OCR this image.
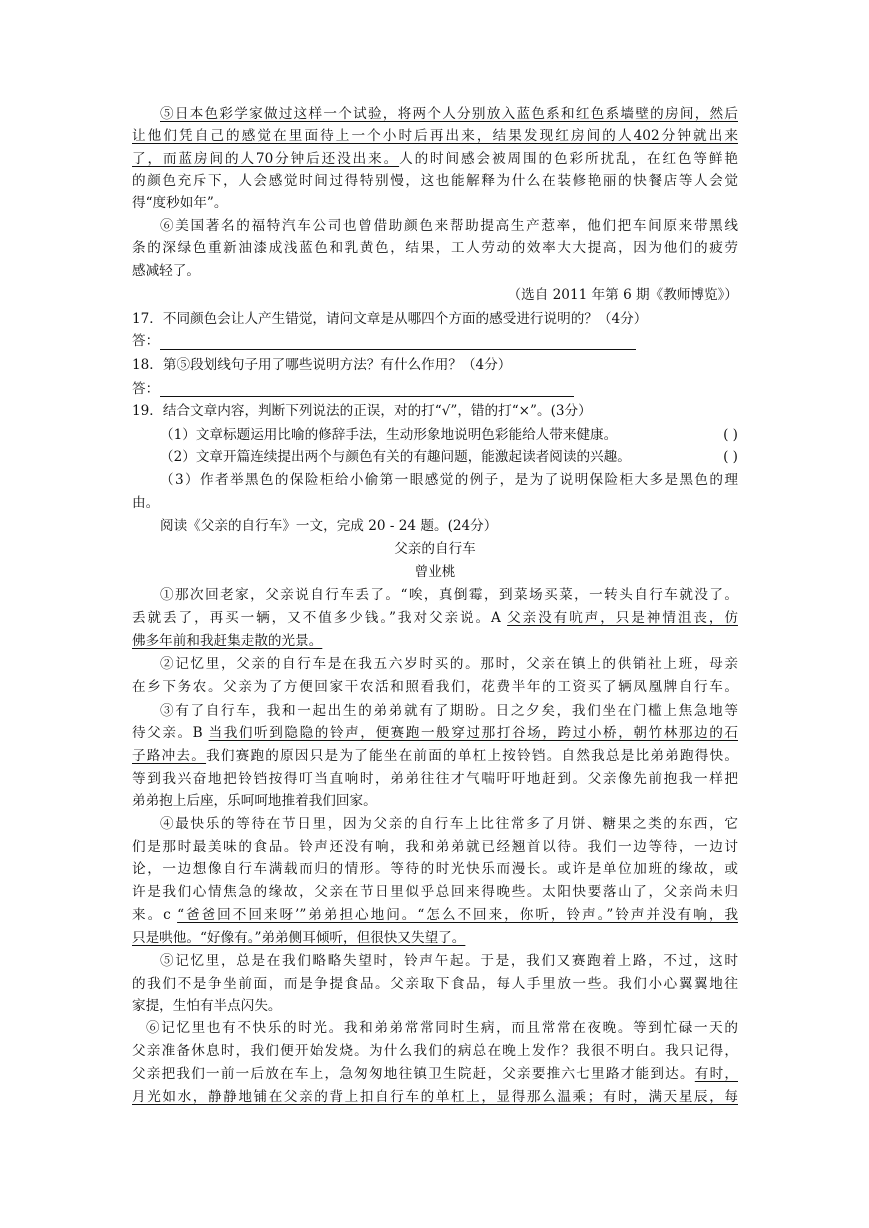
⑤日本色彩学家做过这样一个试验，将两个人分别放入蓝色系和红色系墙壁的房间，然后
让他们凭自己的感觉在里面待上一个小时后再出来，结果发现红房间的人402分钟就出来
了，而蓝房间的人70分钟后还没出来。人的时间感会被周围的色彩所扰乱，在红色等鲜艳
的颜色充斥下，人会感觉时间过得特别慢，这也能解释为什么在装修艳丽的快餐店等人会觉
得“度秒如年”。
⑥美国著名的福特汽车公司也曾借助颜色来帮助提高生产惹率，他们把车间原来带黑线
条的深绿色重新油漆成浅蓝色和乳黄色，结果，工人劳动的效率大大提高，因为他们的疲劳
感减轻了。
（选自 2011 年第 6 期《教师博览》）
17．不同颜色会让人产生错觉，请问文章是从哪四个方面的感受进行说明的？（4分）
答：
18．第⑤段划线句子用了哪些说明方法？有什么作用？（4分）
答：
19．结合文章内容，判断下列说法的正误，对的打“√”，错的打“×”。(3分）
（1）文章标题运用比喻的修辞手法，生动形象地说明色彩能给人带来健康。	( )
（2）文章开篇连续提出两个与颜色有关的有趣问题，能激起读者阅读的兴趣。	( )
（3）作者举黑色的保险柜给小偷第一眼感觉的例子，是为了说明保险柜大多是黑色的理
由。
阅读《父亲的自行车》一文，完成 20 - 24 题。(24分）
父亲的自行车
曾业桃
①那次回老家，父亲说自行车丢了。“唉，真倒霉，到菜场买菜，一转头自行车就没了。
丢就丢了，再买一辆，又不值多少钱。”我对父亲说。A 父亲没有吭声，只是神情沮丧，仿
佛多年前和我赶集走散的光景。
②记忆里，父亲的自行车是在我五六岁时买的。那时，父亲在镇上的供销社上班，母亲
在乡下务农。父亲为了方便回家干农活和照看我们，花费半年的工资买了辆凤凰牌自行车。
③有了自行车，我和一起出生的弟弟就有了期盼。日之夕矣，我们坐在门槛上焦急地等
待父亲。B 当我们听到隐隐的铃声，便赛跑一般穿过那打谷场，跨过小桥，朝竹林那边的石
子路冲去。我们赛跑的原因只是为了能坐在前面的单杠上按铃铛。自然我总是比弟弟跑得快。
等到我兴奋地把铃铛按得叮当直响时，弟弟往往才气喘吁吁地赶到。父亲像先前抱我一样把
弟弟抱上后座，乐呵呵地推着我们回家。
④最快乐的等待在节日里，因为父亲的自行车上比往常多了月饼、糖果之类的东西，它
们是那时最美味的食品。铃声还没有响，我和弟弟就已经翘首以待。我们一边等待，一边讨
论，一边想像自行车满载而归的情形。等待的时光快乐而漫长。或许是单位加班的缘故，或
许是我们心情焦急的缘故，父亲在节日里似乎总回来得晚些。太阳快要落山了，父亲尚未归
来。c “爸爸回不回来呀’”弟弟担心地问。“怎么不回来，你听，铃声。”铃声并没有响，我
只是哄他。“好像有。”弟弟侧耳倾听，但很快又失望了。
⑤记忆里，总是在我们略略失望时，铃声午起。于是，我们又赛跑着上路，不过，这时
的我们不是争坐前面，而是争提食品。父亲取下食品，每人手里放一些。我们小心翼翼地往
家提，生怕有半点闪失。
⑥记忆里也有不快乐的时光。我和弟弟常常同时生病，而且常常在夜晚。等到忙碌一天的
父亲准备休息时，我们便开始发烧。为什么我们的病总在晚上发作？我很不明白。我只记得，
父亲把我们一前一后放在车上，急匆匆地往镇卫生院赶，父亲要推六七里路才能到达。有时，
月光如水，静静地铺在父亲的背上扣自行车的单杠上，显得那么温乘；有时，满天星辰，每
